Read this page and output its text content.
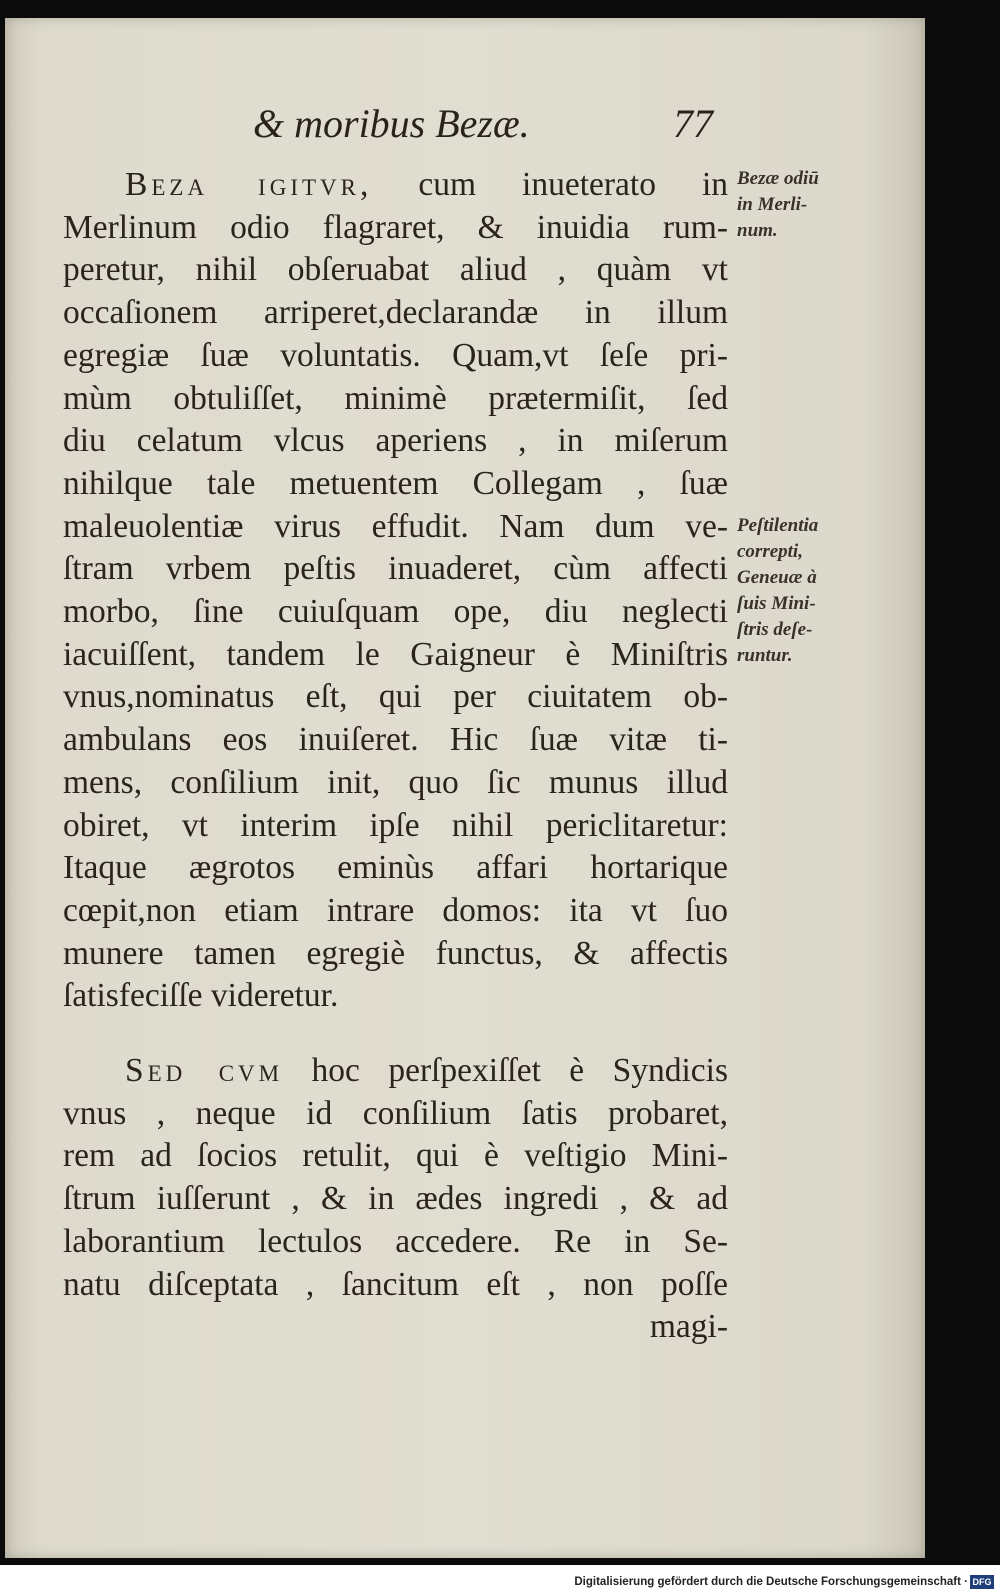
& moribus Bezæ.	77
Beza igitvr, cum inueterato in
Merlinum odio flagraret, & inuidia rum-
peretur, nihil obſeruabat aliud , quàm vt
occaſionem arriperet,declarandæ in illum
egregiæ ſuæ voluntatis. Quam,vt ſeſe pri-
mùm obtuliſſet, minimè prætermiſit, ſed
diu celatum vlcus aperiens , in miſerum
nihilque tale metuentem Collegam , ſuæ
maleuolentiæ virus effudit. Nam dum ve-
ſtram vrbem peſtis inuaderet, cùm affecti
morbo, ſine cuiuſquam ope, diu neglecti
iacuiſſent, tandem le Gaigneur è Miniſtris
vnus,nominatus eſt, qui per ciuitatem ob-
ambulans eos inuiſeret. Hic ſuæ vitæ ti-
mens, conſilium init, quo ſic munus illud
obiret, vt interim ipſe nihil periclitaretur:
Itaque ægrotos eminùs affari hortarique
cœpit,non etiam intrare domos: ita vt ſuo
munere tamen egregiè functus, & affectis
ſatisfeciſſe videretur.
Sed cvm hoc perſpexiſſet è Syndicis
vnus , neque id conſilium ſatis probaret,
rem ad ſocios retulit, qui è veſtigio Mini-
ſtrum iuſſerunt , & in ædes ingredi , & ad
laborantium lectulos accedere. Re in Se-
natu diſceptata , ſancitum eſt , non poſſe
magi-
Bezæ odiū
in Merli-
num.
Peſtilentia
correpti,
Geneuæ à
ſuis Mini-
ſtris deſe-
runtur.
Digitalisierung gefördert durch die Deutsche Forschungsgemeinschaft · DFG
